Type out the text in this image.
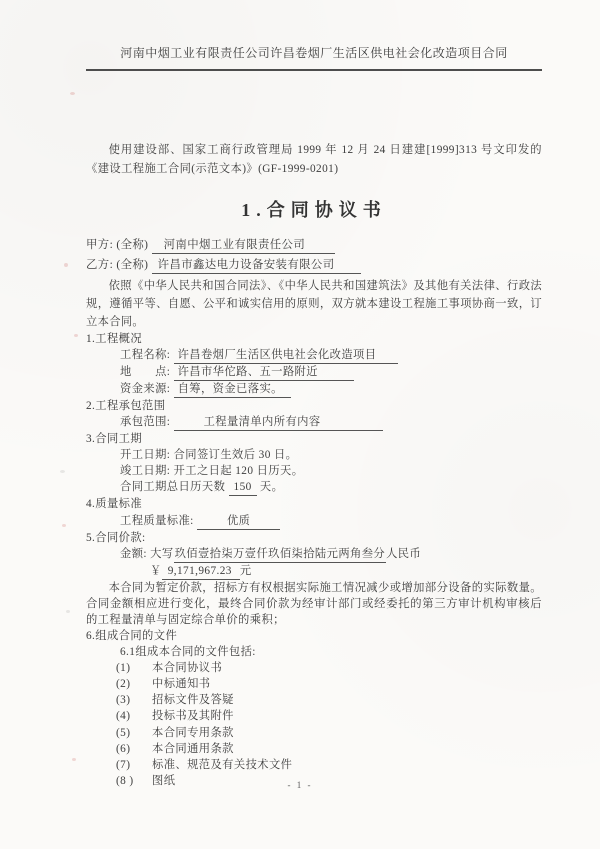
河南中烟工业有限责任公司许昌卷烟厂生活区供电社会化改造项目合同
使用建设部、国家工商行政管理局 1999 年 12 月 24 日建建[1999]313 号文印发的《建设工程施工合同(示范文本)》(GF-1999-0201)
1.合同协议书
甲方: (全称) 河南中烟工业有限责任公司
乙方: (全称) 许昌市鑫达电力设备安装有限公司
依照《中华人民共和国合同法》、《中华人民共和国建筑法》及其他有关法律、行政法规，遵循平等、自愿、公平和诚实信用的原则，双方就本建设工程施工事项协商一致，订立本合同。
1.工程概况
工程名称: 许昌卷烟厂生活区供电社会化改造项目
地　　点: 许昌市华佗路、五一路附近
资金来源: 自筹，资金已落实。
2.工程承包范围
承包范围:	工程量清单内所有内容
3.合同工期
开工日期: 合同签订生效后 30 日。
竣工日期: 开工之日起 120 日历天。
合同工期总日历天数 150 天。
4.质量标准
工程质量标准:	优质
5.合同价款:
金额: 大写玖佰壹拾柒万壹仟玖佰柒拾陆元两角叁分人民币
￥ 9,171,967.23 元
本合同为暂定价款，招标方有权根据实际施工情况减少或增加部分设备的实际数量。合同金额相应进行变化，最终合同价款为经审计部门或经委托的第三方审计机构审核后的工程量清单与固定综合单价的乘积；
6.组成合同的文件
6.1组成本合同的文件包括:
(1) 本合同协议书
(2) 中标通知书
(3) 招标文件及答疑
(4) 投标书及其附件
(5) 本合同专用条款
(6) 本合同通用条款
(7) 标准、规范及有关技术文件
(8 ) 图纸	- 1 -
